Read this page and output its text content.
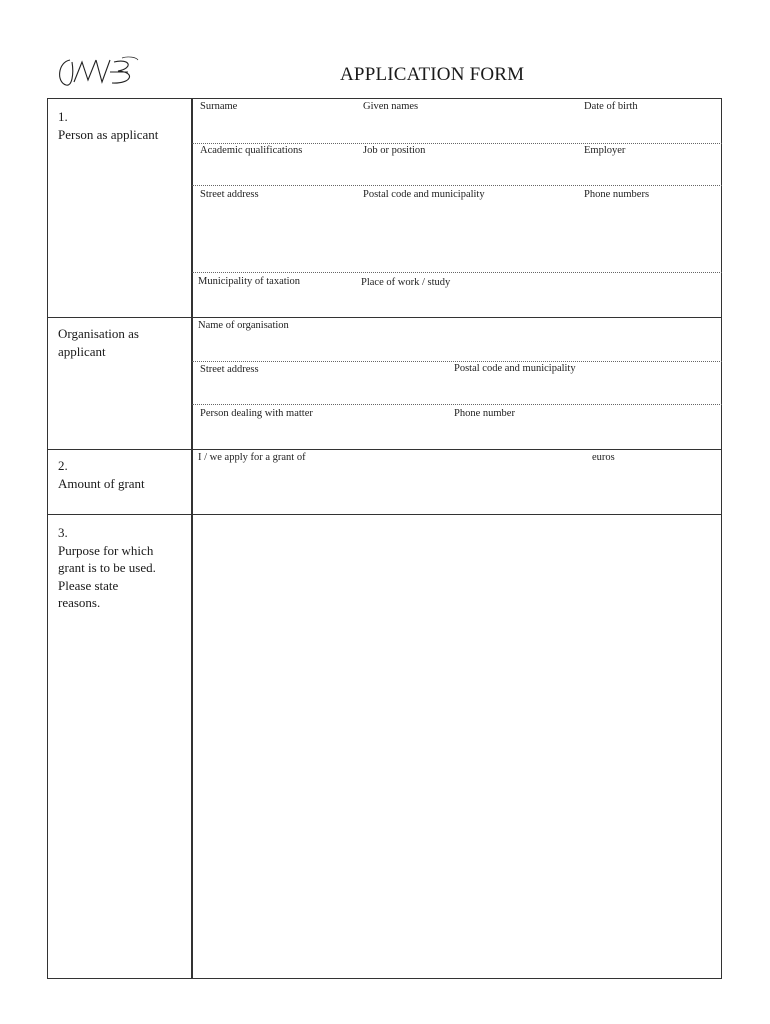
APPLICATION FORM
1.
Person as applicant
Surname	Given names	Date of birth
Academic qualifications	Job or position	Employer
Street address	Postal code and municipality	Phone numbers
Municipality of taxation	Place of work / study
Organisation as
applicant
Name of organisation
Street address	Postal code and municipality
Person dealing with matter	Phone number
2.
Amount of grant
I / we apply for a grant of	euros
3.
Purpose for which
grant is to be used.
Please state
reasons.
